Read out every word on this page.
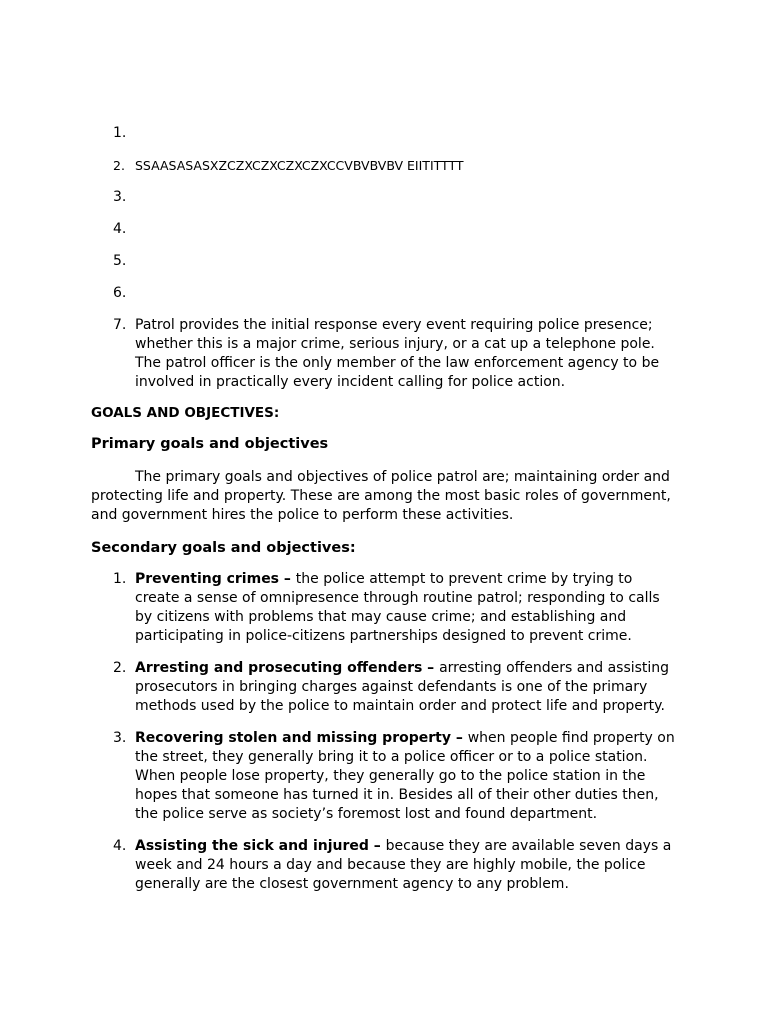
1.
2. SSAASASASXZCZXCZXCZXCZXCCVBVBVBV EIITITTTT
3.
4.
5.
6.
7. Patrol provides the initial response every event requiring police presence; whether this is a major crime, serious injury, or a cat up a telephone pole. The patrol officer is the only member of the law enforcement agency to be involved in practically every incident calling for police action.
GOALS AND OBJECTIVES:
Primary goals and objectives

The primary goals and objectives of police patrol are; maintaining order and protecting life and property. These are among the most basic roles of government, and government hires the police to perform these activities.

Secondary goals and objectives:
1. Preventing crimes – the police attempt to prevent crime by trying to create a sense of omnipresence through routine patrol; responding to calls by citizens with problems that may cause crime; and establishing and participating in police-citizens partnerships designed to prevent crime.
2. Arresting and prosecuting offenders – arresting offenders and assisting prosecutors in bringing charges against defendants is one of the primary methods used by the police to maintain order and protect life and property.
3. Recovering stolen and missing property – when people find property on the street, they generally bring it to a police officer or to a police station. When people lose property, they generally go to the police station in the hopes that someone has turned it in. Besides all of their other duties then, the police serve as society’s foremost lost and found department.
4. Assisting the sick and injured – because they are available seven days a week and 24 hours a day and because they are highly mobile, the police generally are the closest government agency to any problem.
